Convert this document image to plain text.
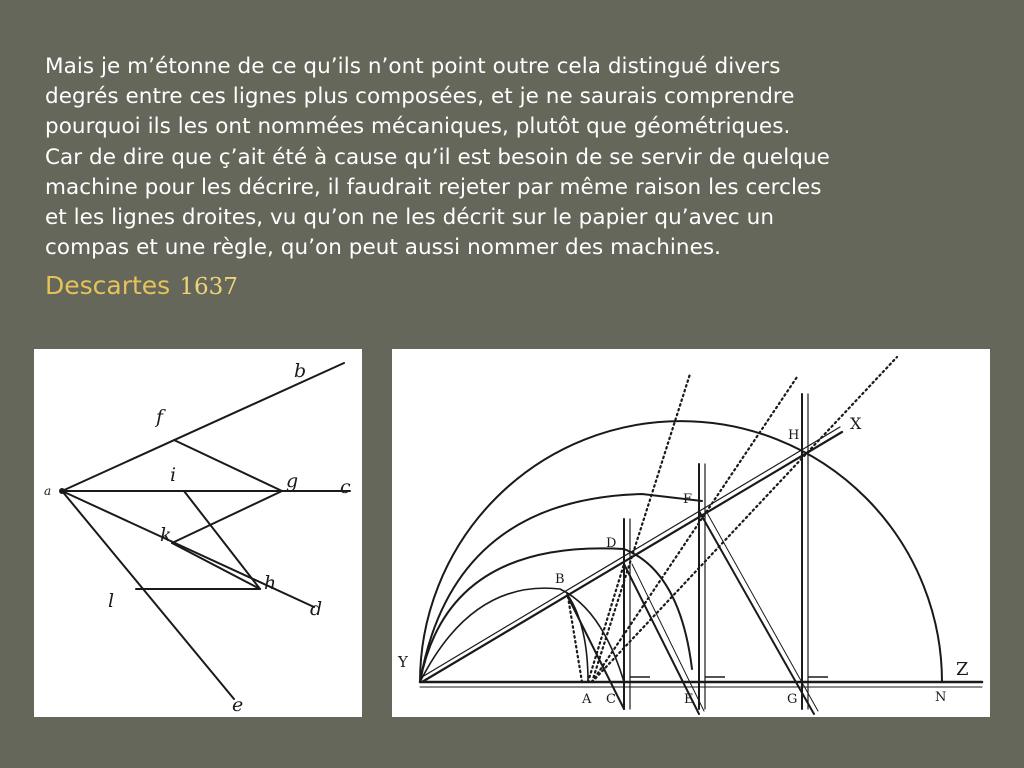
Mais je m’étonne de ce qu’ils n’ont point outre cela distingué divers
degrés entre ces lignes plus composées, et je ne saurais comprendre
pourquoi ils les ont nommées mécaniques, plutôt que géométriques.
Car de dire que ç’ait été à cause qu’il est besoin de se servir de quelque
machine pour les décrire, il faudrait rejeter par même raison les cercles
et les lignes droites, vu qu’on ne les décrit sur le papier qu’avec un
compas et une règle, qu’on peut aussi nommer des machines.
Descartes 1637
b
f
a
i	g c
k
h
l	d
e
H
X
F
D
B
Y	Z
A C	E	G	N
